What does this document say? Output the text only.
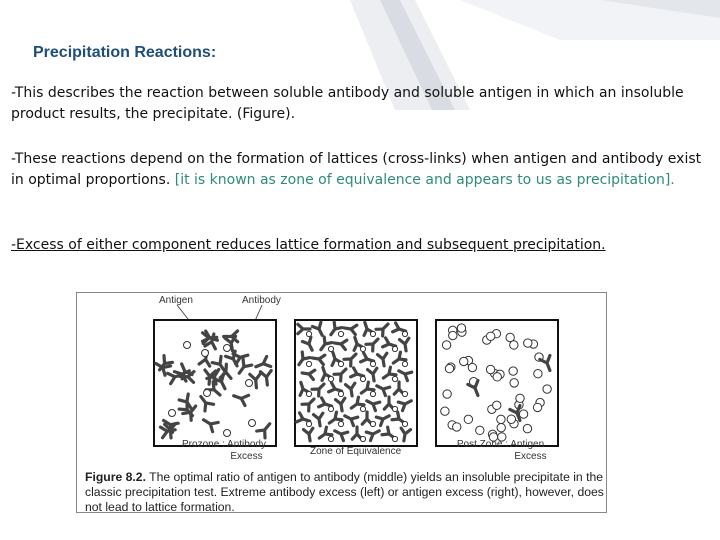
Precipitation Reactions:
-This describes the reaction between soluble antibody and soluble antigen in which an insoluble product results, the precipitate. (Figure).
-These reactions depend on the formation of lattices (cross-links) when antigen and antibody exist in optimal proportions. [it is known as zone of equivalence and appears to us as precipitation].
-Excess of either component reduces lattice formation and subsequent precipitation.
Antigen	Antibody
Prozone : Antibody
Excess	Zone of Equivalence
Post Zone : Antigen
Excess
Figure 8.2. The optimal ratio of antigen to antibody (middle) yields an insoluble precipitate in the classic precipitation test. Extreme antibody excess (left) or antigen excess (right), however, does not lead to lattice formation.
